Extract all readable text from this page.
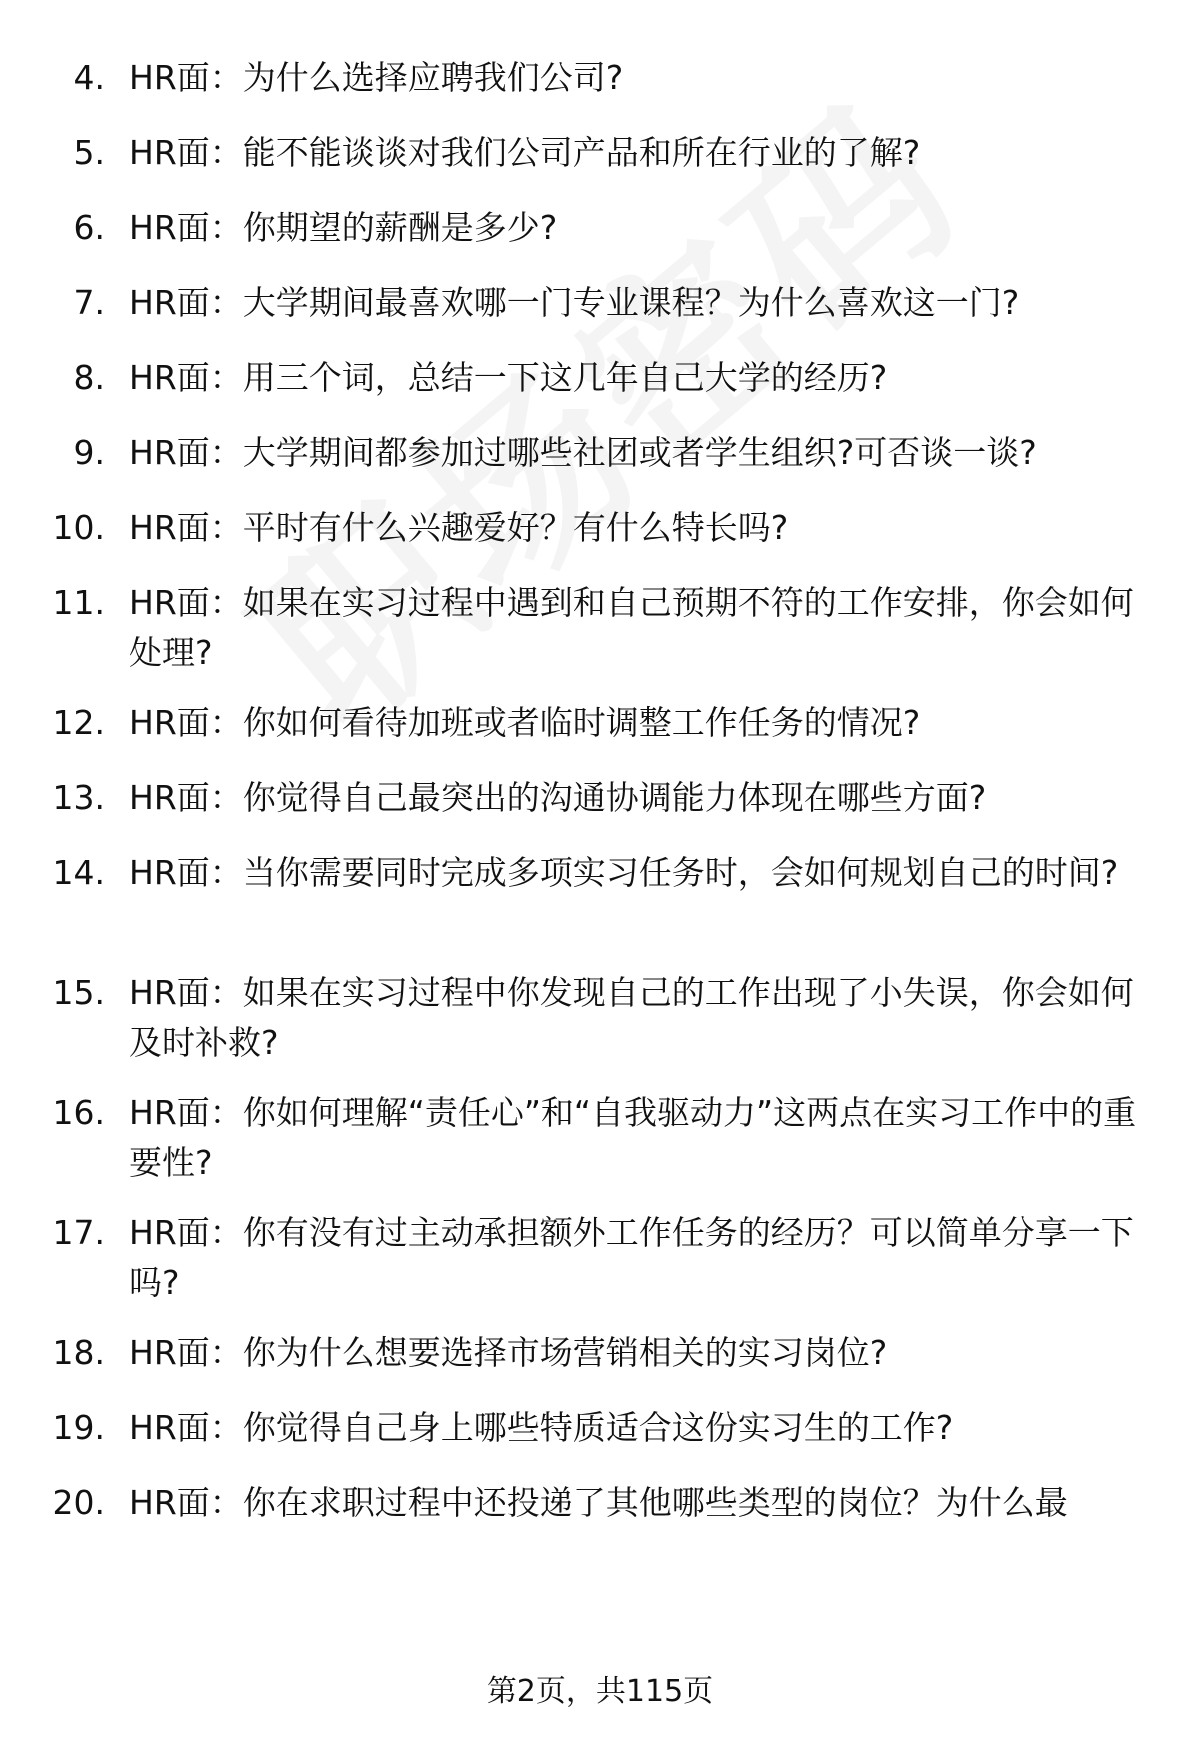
4. HR面：为什么选择应聘我们公司?
5. HR面：能不能谈谈对我们公司产品和所在行业的了解?
6. HR面：你期望的薪酬是多少?
7. HR面：大学期间最喜欢哪一门专业课程？为什么喜欢这一门?
8. HR面：用三个词，总结一下这几年自己大学的经历?
9. HR面：大学期间都参加过哪些社团或者学生组织?可否谈一谈?
10. HR面：平时有什么兴趣爱好？有什么特长吗?
11. HR面：如果在实习过程中遇到和自己预期不符的工作安排，你会如何处理?
12. HR面：你如何看待加班或者临时调整工作任务的情况?
13. HR面：你觉得自己最突出的沟通协调能力体现在哪些方面?
14. HR面：当你需要同时完成多项实习任务时，会如何规划自己的时间?
15. HR面：如果在实习过程中你发现自己的工作出现了小失误，你会如何及时补救?
16. HR面：你如何理解“责任心”和“自我驱动力”这两点在实习工作中的重要性?
17. HR面：你有没有过主动承担额外工作任务的经历？可以简单分享一下吗?
18. HR面：你为什么想要选择市场营销相关的实习岗位?
19. HR面：你觉得自己身上哪些特质适合这份实习生的工作?
20. HR面：你在求职过程中还投递了其他哪些类型的岗位？为什么最
第2页，共115页
